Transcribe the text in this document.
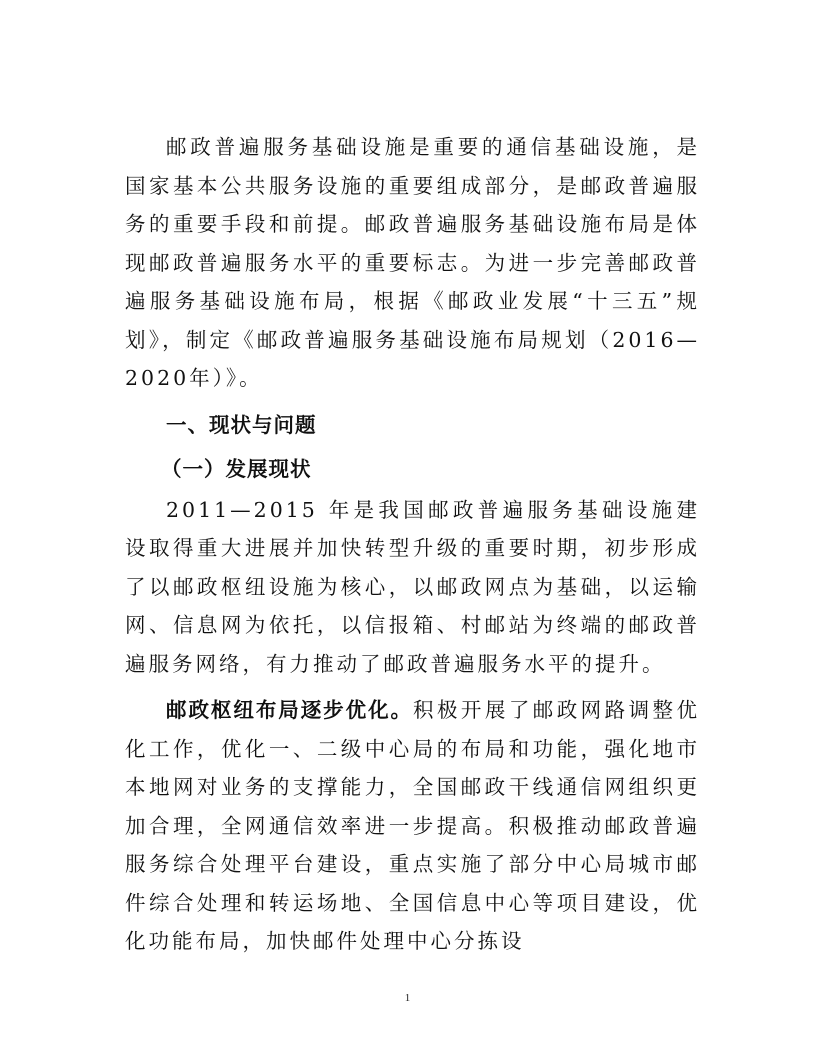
邮政普遍服务基础设施是重要的通信基础设施，是国家基本公共服务设施的重要组成部分，是邮政普遍服务的重要手段和前提。邮政普遍服务基础设施布局是体现邮政普遍服务水平的重要标志。为进一步完善邮政普遍服务基础设施布局，根据《邮政业发展“十三五”规划》，制定《邮政普遍服务基础设施布局规划（2016—2020年）》。

一、现状与问题
（一）发展现状

2011—2015 年是我国邮政普遍服务基础设施建设取得重大进展并加快转型升级的重要时期，初步形成了以邮政枢纽设施为核心，以邮政网点为基础，以运输网、信息网为依托，以信报箱、村邮站为终端的邮政普遍服务网络，有力推动了邮政普遍服务水平的提升。

邮政枢纽布局逐步优化。积极开展了邮政网路调整优化工作，优化一、二级中心局的布局和功能，强化地市本地网对业务的支撑能力，全国邮政干线通信网组织更加合理，全网通信效率进一步提高。积极推动邮政普遍服务综合处理平台建设，重点实施了部分中心局城市邮件综合处理和转运场地、全国信息中心等项目建设，优化功能布局，加快邮件处理中心分拣设

1
